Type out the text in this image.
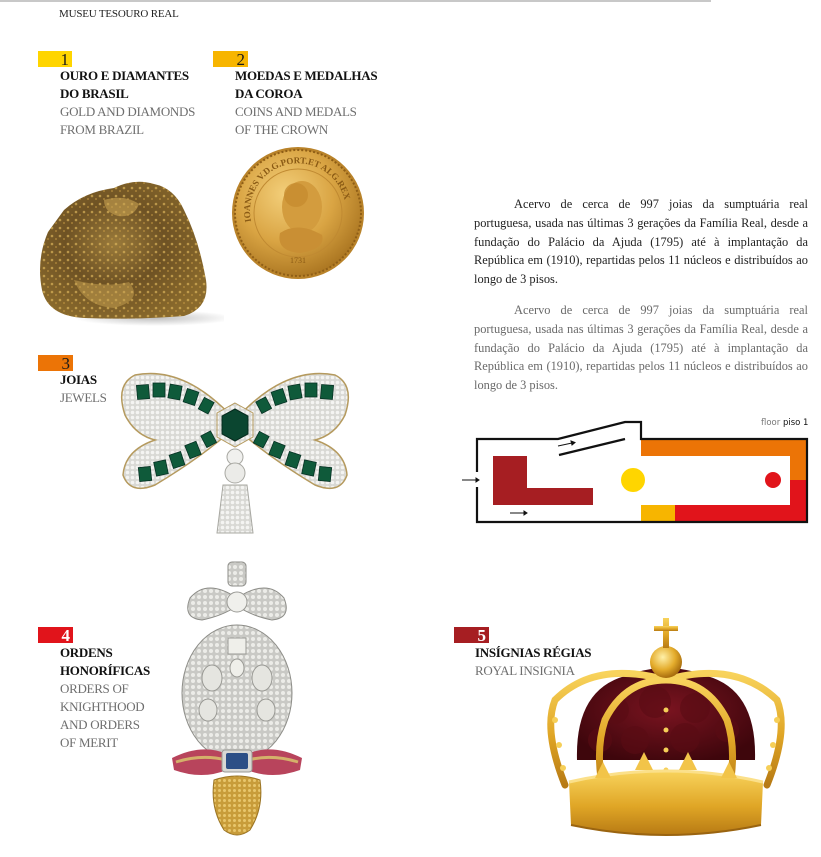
MUSEU TESOURO REAL
1
OURO E DIAMANTES
DO BRASIL
GOLD AND DIAMONDS
FROM BRAZIL
2
MOEDAS E MEDALHAS
DA COROA
COINS AND MEDALS
OF THE CROWN
IOANNES V.D.G.PORT.ET ALG.REX
1731
3
JOIAS
JEWELS

Acervo de cerca de 997 joias da sumptuária real portuguesa, usada nas últimas 3 gerações da Família Real, desde a fundação do Palácio da Ajuda (1795) até à implantação da República em (1910), repartidas pelos 11 núcleos e distribuídos ao longo de 3 pisos.

Acervo de cerca de 997 joias da sumptuária real portuguesa, usada nas últimas 3 gerações da Família Real, desde a fundação do Palácio da Ajuda (1795) até à implantação da República em (1910), repartidas pelos 11 núcleos e distribuídos ao longo de 3 pisos.

floor piso 1
4
ORDENS
HONORÍFICAS
ORDERS OF
KNIGHTHOOD
AND ORDERS
OF MERIT
5
INSÍGNIAS RÉGIAS
ROYAL INSIGNIA
